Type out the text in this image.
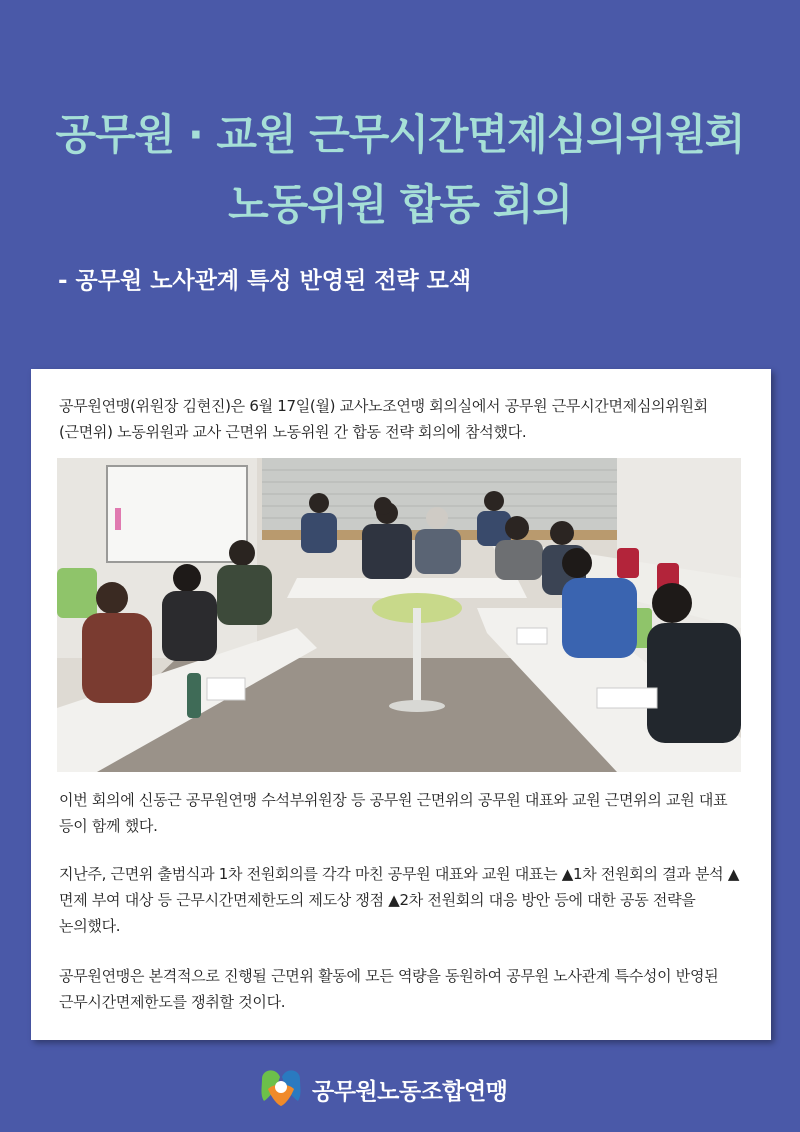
공무원 · 교원 근무시간면제심의위원회
노동위원 합동 회의
- 공무원 노사관계 특성 반영된 전략 모색
공무원연맹(위원장 김현진)은 6월 17일(월) 교사노조연맹 회의실에서 공무원 근무시간면제심의위원회(근면위) 노동위원과 교사 근면위 노동위원 간 합동 전략 회의에 참석했다.
이번 회의에 신동근 공무원연맹 수석부위원장 등 공무원 근면위의 공무원 대표와 교원 근면위의 교원 대표 등이 함께 했다.
지난주, 근면위 출범식과 1차 전원회의를 각각 마친 공무원 대표와 교원 대표는 ▲1차 전원회의 결과 분석 ▲면제 부여 대상 등 근무시간면제한도의 제도상 쟁점 ▲2차 전원회의 대응 방안 등에 대한 공동 전략을 논의했다.
공무원연맹은 본격적으로 진행될 근면위 활동에 모든 역량을 동원하여 공무원 노사관계 특수성이 반영된 근무시간면제한도를 쟁취할 것이다.
공무원노동조합연맹
